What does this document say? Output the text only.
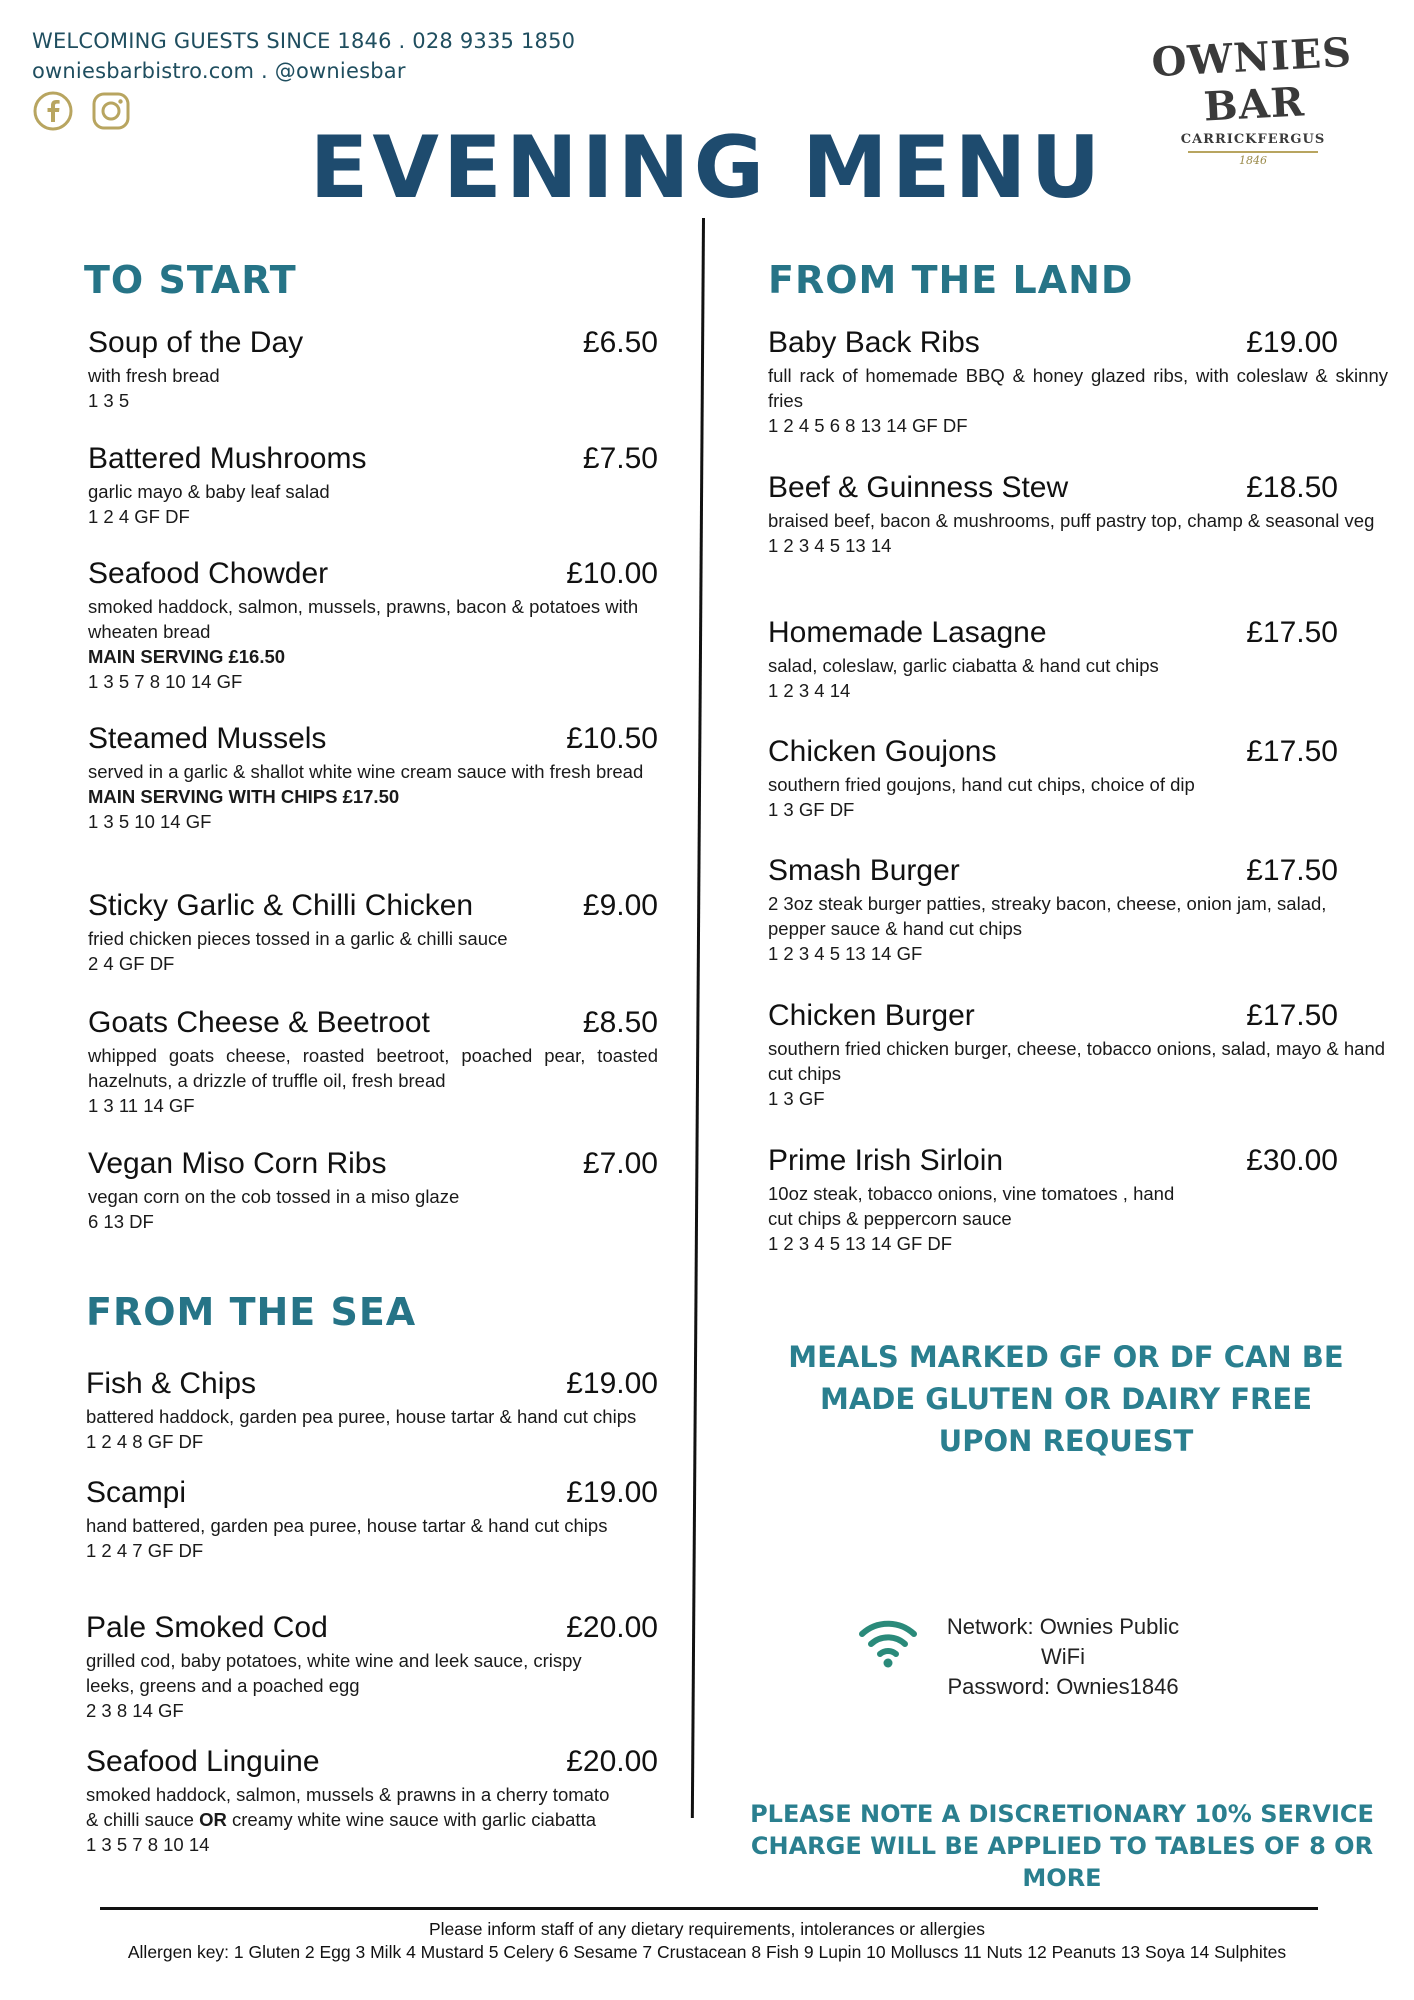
WELCOMING GUESTS SINCE 1846 . 028 9335 1850
owniesbarbistro.com . @owniesbar	OWNIES BAR
CARRICKFERGUS
1846
EVENING MENU
TO START
Soup of the Day	£6.50
with fresh bread
1 3 5
Battered Mushrooms	£7.50
garlic mayo & baby leaf salad
1 2 4 GF DF
Seafood Chowder	£10.00
smoked haddock, salmon, mussels, prawns, bacon & potatoes with wheaten bread
MAIN SERVING £16.50
1 3 5 7 8 10 14 GF
Steamed Mussels	£10.50
served in a garlic & shallot white wine cream sauce with fresh bread
MAIN SERVING WITH CHIPS £17.50
1 3 5 10 14 GF
Sticky Garlic & Chilli Chicken	£9.00
fried chicken pieces tossed in a garlic & chilli sauce
2 4 GF DF
Goats Cheese & Beetroot	£8.50
whipped goats cheese, roasted beetroot, poached pear, toasted hazelnuts, a drizzle of truffle oil, fresh bread
1 3 11 14 GF
Vegan Miso Corn Ribs	£7.00
vegan corn on the cob tossed in a miso glaze
6 13 DF
FROM THE SEA
Fish & Chips	£19.00
battered haddock, garden pea puree, house tartar & hand cut chips
1 2 4 8 GF DF
Scampi	£19.00
hand battered, garden pea puree, house tartar & hand cut chips
1 2 4 7 GF DF
Pale Smoked Cod	£20.00
grilled cod, baby potatoes, white wine and leek sauce, crispy leeks, greens and a poached egg
2 3 8 14 GF
Seafood Linguine	£20.00
smoked haddock, salmon, mussels & prawns in a cherry tomato & chilli sauce OR creamy white wine sauce with garlic ciabatta
1 3 5 7 8 10 14
FROM THE LAND
Baby Back Ribs	£19.00
full rack of homemade BBQ & honey glazed ribs, with coleslaw & skinny fries
1 2 4 5 6 8 13 14 GF DF
Beef & Guinness Stew	£18.50
braised beef, bacon & mushrooms, puff pastry top, champ & seasonal veg
1 2 3 4 5 13 14
Homemade Lasagne	£17.50
salad, coleslaw, garlic ciabatta & hand cut chips
1 2 3 4 14
Chicken Goujons	£17.50
southern fried goujons, hand cut chips, choice of dip
1 3 GF DF
Smash Burger	£17.50
2 3oz steak burger patties, streaky bacon, cheese, onion jam, salad, pepper sauce & hand cut chips
1 2 3 4 5 13 14 GF
Chicken Burger	£17.50
southern fried chicken burger, cheese, tobacco onions, salad, mayo & hand cut chips
1 3 GF
Prime Irish Sirloin	£30.00
10oz steak, tobacco onions, vine tomatoes , hand cut chips & peppercorn sauce
1 2 3 4 5 13 14 GF DF
MEALS MARKED GF OR DF CAN BE MADE GLUTEN OR DAIRY FREE UPON REQUEST
Network: Ownies Public WiFi
Password: Ownies1846
PLEASE NOTE A DISCRETIONARY 10% SERVICE CHARGE WILL BE APPLIED TO TABLES OF 8 OR MORE
Please inform staff of any dietary requirements, intolerances or allergies
Allergen key: 1 Gluten 2 Egg 3 Milk 4 Mustard 5 Celery 6 Sesame 7 Crustacean 8 Fish 9 Lupin 10 Molluscs 11 Nuts 12 Peanuts 13 Soya 14 Sulphites
